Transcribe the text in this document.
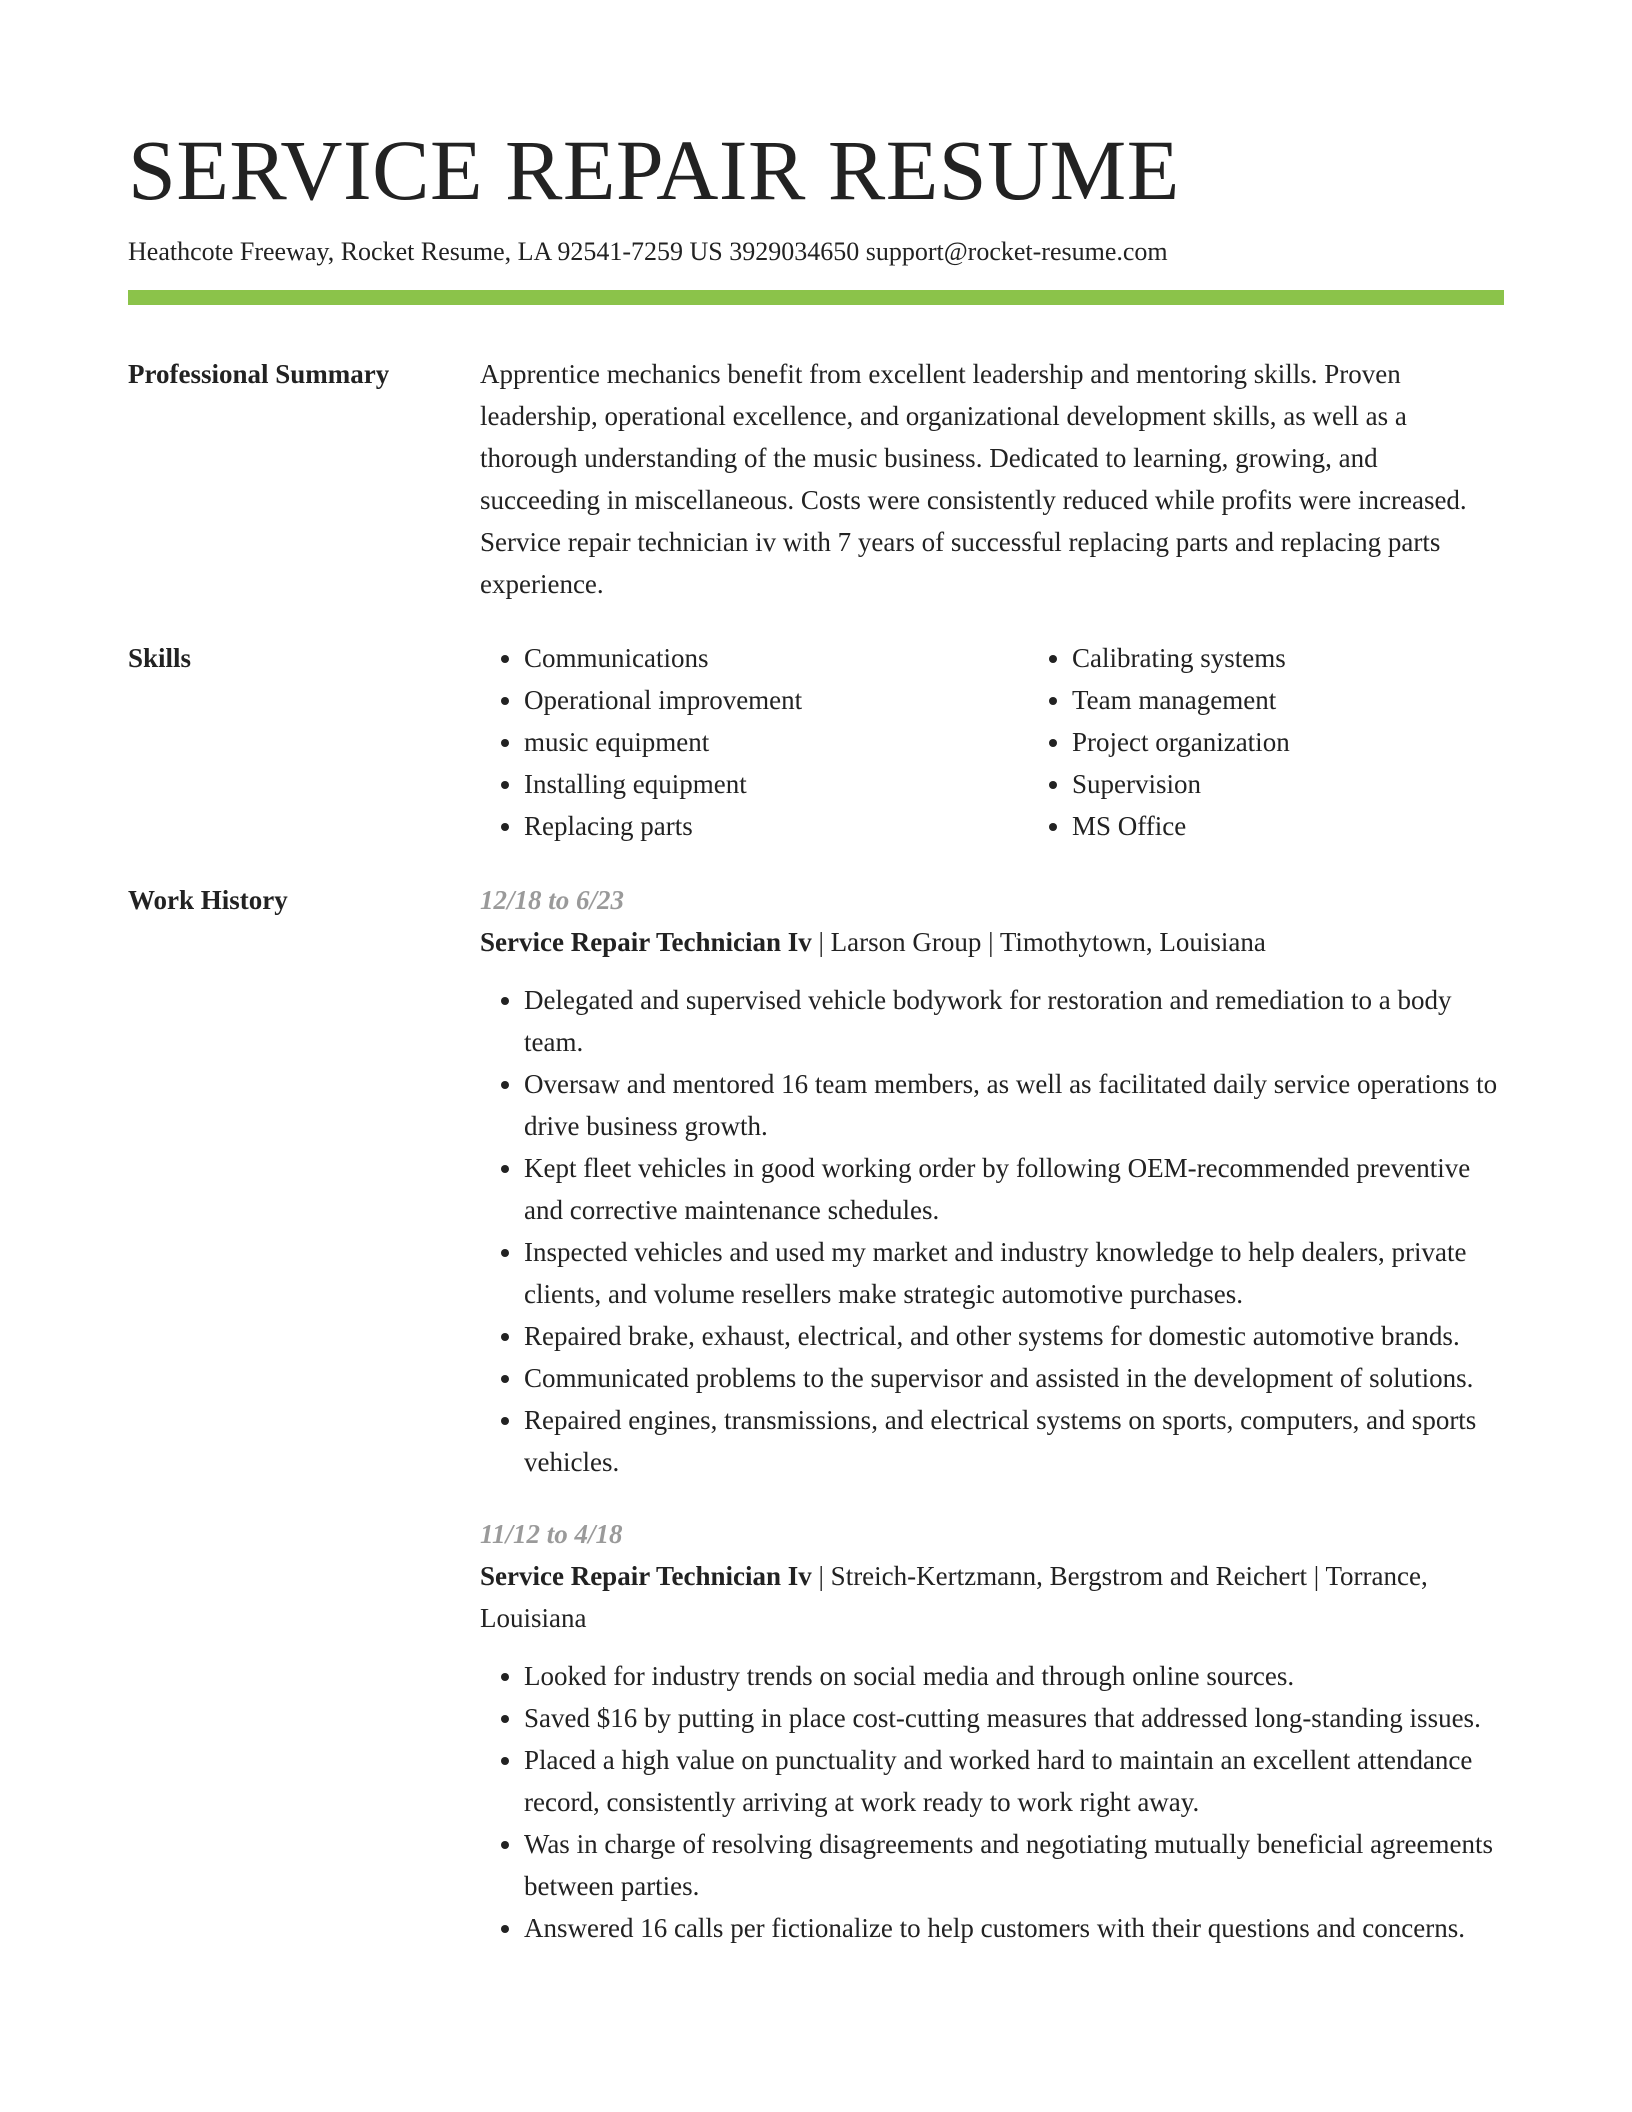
SERVICE REPAIR RESUME
Heathcote Freeway, Rocket Resume, LA 92541-7259 US 3929034650 support@rocket-resume.com
Professional Summary	Apprentice mechanics benefit from excellent leadership and mentoring skills. Proven leadership, operational excellence, and organizational development skills, as well as a thorough understanding of the music business. Dedicated to learning, growing, and succeeding in miscellaneous. Costs were consistently reduced while profits were increased. Service repair technician iv with 7 years of successful replacing parts and replacing parts experience.
Skills
•	Communications
• Operational improvement
• music equipment
• Installing equipment
• Replacing parts
• Calibrating systems
• Team management
• Project organization
• Supervision
• MS Office
Work History	12/18 to 6/23
Service Repair Technician Iv | Larson Group | Timothytown, Louisiana
• Delegated and supervised vehicle bodywork for restoration and remediation to a body team.
• Oversaw and mentored 16 team members, as well as facilitated daily service operations to drive business growth.
• Kept fleet vehicles in good working order by following OEM-recommended preventive and corrective maintenance schedules.
• Inspected vehicles and used my market and industry knowledge to help dealers, private clients, and volume resellers make strategic automotive purchases.
• Repaired brake, exhaust, electrical, and other systems for domestic automotive brands.
• Communicated problems to the supervisor and assisted in the development of solutions.
• Repaired engines, transmissions, and electrical systems on sports, computers, and sports vehicles.
11/12 to 4/18
Service Repair Technician Iv | Streich-Kertzmann, Bergstrom and Reichert | Torrance, Louisiana
• Looked for industry trends on social media and through online sources.
• Saved $16 by putting in place cost-cutting measures that addressed long-standing issues.
• Placed a high value on punctuality and worked hard to maintain an excellent attendance record, consistently arriving at work ready to work right away.
• Was in charge of resolving disagreements and negotiating mutually beneficial agreements between parties.
• Answered 16 calls per fictionalize to help customers with their questions and concerns.
